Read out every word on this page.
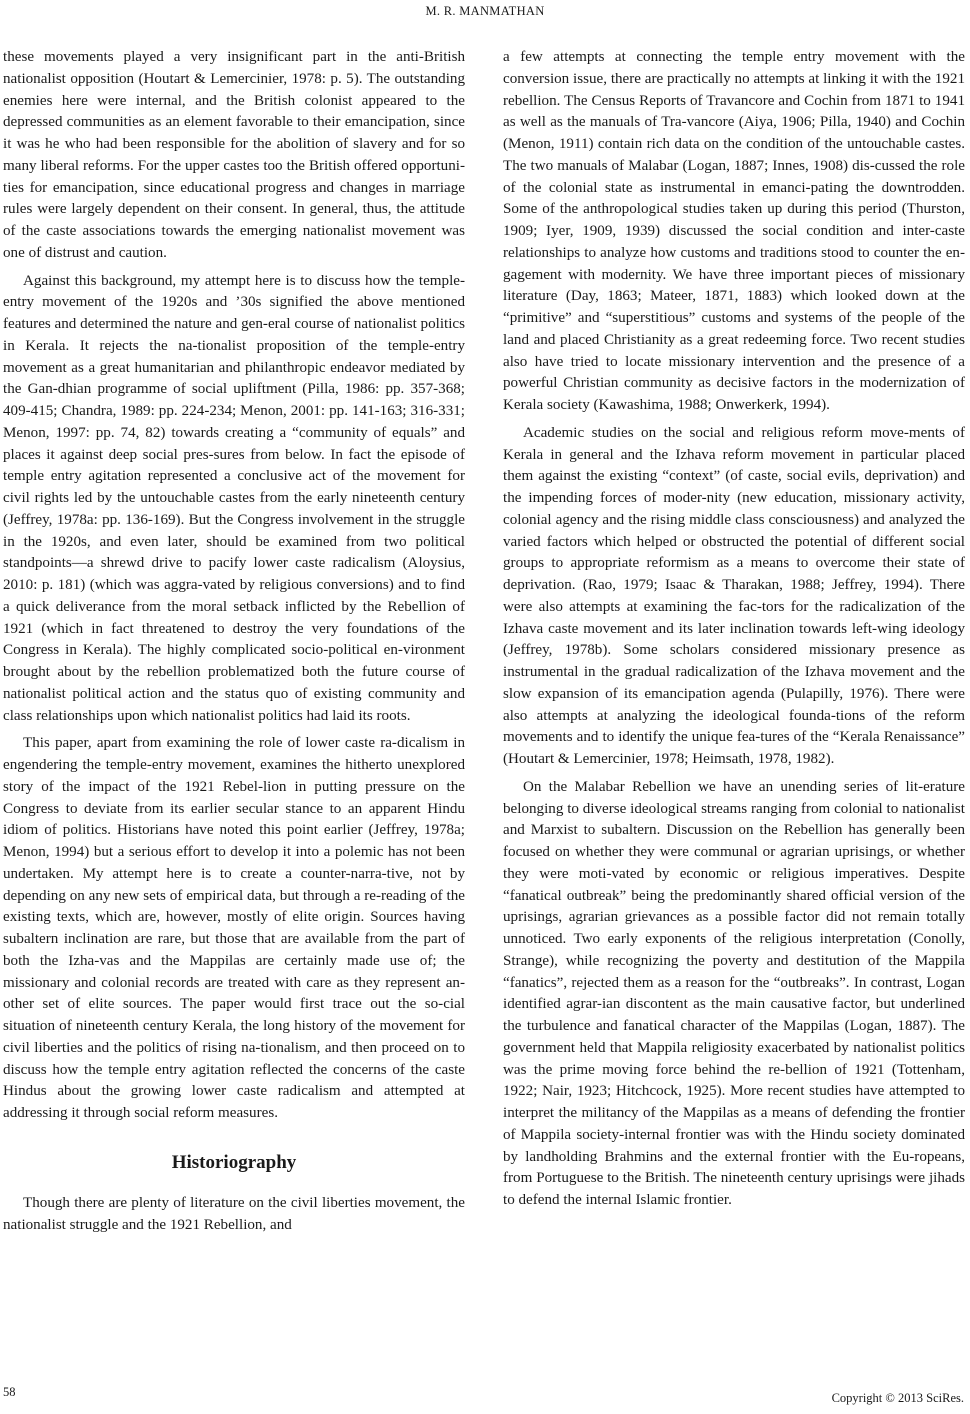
M. R. MANMATHAN

these movements played a very insignificant part in the anti-British nationalist opposition (Houtart & Lemercinier, 1978: p. 5). The outstanding enemies here were internal, and the British colonist appeared to the depressed communities as an element favorable to their emancipation, since it was he who had been responsible for the abolition of slavery and for so many liberal reforms. For the upper castes too the British offered opportuni-ties for emancipation, since educational progress and changes in marriage rules were largely dependent on their consent. In general, thus, the attitude of the caste associations towards the emerging nationalist movement was one of distrust and caution.

Against this background, my attempt here is to discuss how the temple-entry movement of the 1920s and ’30s signified the above mentioned features and determined the nature and gen-eral course of nationalist politics in Kerala. It rejects the na-tionalist proposition of the temple-entry movement as a great humanitarian and philanthropic endeavor mediated by the Gan-dhian programme of social upliftment (Pilla, 1986: pp. 357-368; 409-415; Chandra, 1989: pp. 224-234; Menon, 2001: pp. 141-163; 316-331; Menon, 1997: pp. 74, 82) towards creating a “community of equals” and places it against deep social pres-sures from below. In fact the episode of temple entry agitation represented a conclusive act of the movement for civil rights led by the untouchable castes from the early nineteenth century (Jeffrey, 1978a: pp. 136-169). But the Congress involvement in the struggle in the 1920s, and even later, should be examined from two political standpoints—a shrewd drive to pacify lower caste radicalism (Aloysius, 2010: p. 181) (which was aggra-vated by religious conversions) and to find a quick deliverance from the moral setback inflicted by the Rebellion of 1921 (which in fact threatened to destroy the very foundations of the Congress in Kerala). The highly complicated socio-political en-vironment brought about by the rebellion problematized both the future course of nationalist political action and the status quo of existing community and class relationships upon which nationalist politics had laid its roots.

This paper, apart from examining the role of lower caste ra-dicalism in engendering the temple-entry movement, examines the hitherto unexplored story of the impact of the 1921 Rebel-lion in putting pressure on the Congress to deviate from its earlier secular stance to an apparent Hindu idiom of politics. Historians have noted this point earlier (Jeffrey, 1978a; Menon, 1994) but a serious effort to develop it into a polemic has not been undertaken. My attempt here is to create a counter-narra-tive, not by depending on any new sets of empirical data, but through a re-reading of the existing texts, which are, however, mostly of elite origin. Sources having subaltern inclination are rare, but those that are available from the part of both the Izha-vas and the Mappilas are certainly made use of; the missionary and colonial records are treated with care as they represent an-other set of elite sources. The paper would first trace out the so-cial situation of nineteenth century Kerala, the long history of the movement for civil liberties and the politics of rising na-tionalism, and then proceed on to discuss how the temple entry agitation reflected the concerns of the caste Hindus about the growing lower caste radicalism and attempted at addressing it through social reform measures.

Historiography

Though there are plenty of literature on the civil liberties movement, the nationalist struggle and the 1921 Rebellion, and

a few attempts at connecting the temple entry movement with the conversion issue, there are practically no attempts at linking it with the 1921 rebellion. The Census Reports of Travancore and Cochin from 1871 to 1941 as well as the manuals of Tra-vancore (Aiya, 1906; Pilla, 1940) and Cochin (Menon, 1911) contain rich data on the condition of the untouchable castes. The two manuals of Malabar (Logan, 1887; Innes, 1908) dis-cussed the role of the colonial state as instrumental in emanci-pating the downtrodden. Some of the anthropological studies taken up during this period (Thurston, 1909; Iyer, 1909, 1939) discussed the social condition and inter-caste relationships to analyze how customs and traditions stood to counter the en-gagement with modernity. We have three important pieces of missionary literature (Day, 1863; Mateer, 1871, 1883) which looked down at the “primitive” and “superstitious” customs and systems of the people of the land and placed Christianity as a great redeeming force. Two recent studies also have tried to locate missionary intervention and the presence of a powerful Christian community as decisive factors in the modernization of Kerala society (Kawashima, 1988; Onwerkerk, 1994).

Academic studies on the social and religious reform move-ments of Kerala in general and the Izhava reform movement in particular placed them against the existing “context” (of caste, social evils, deprivation) and the impending forces of moder-nity (new education, missionary activity, colonial agency and the rising middle class consciousness) and analyzed the varied factors which helped or obstructed the potential of different social groups to appropriate reformism as a means to overcome their state of deprivation. (Rao, 1979; Isaac & Tharakan, 1988; Jeffrey, 1994). There were also attempts at examining the fac-tors for the radicalization of the Izhava caste movement and its later inclination towards left-wing ideology (Jeffrey, 1978b). Some scholars considered missionary presence as instrumental in the gradual radicalization of the Izhava movement and the slow expansion of its emancipation agenda (Pulapilly, 1976). There were also attempts at analyzing the ideological founda-tions of the reform movements and to identify the unique fea-tures of the “Kerala Renaissance” (Houtart & Lemercinier, 1978; Heimsath, 1978, 1982).

On the Malabar Rebellion we have an unending series of lit-erature belonging to diverse ideological streams ranging from colonial to nationalist and Marxist to subaltern. Discussion on the Rebellion has generally been focused on whether they were communal or agrarian uprisings, or whether they were moti-vated by economic or religious imperatives. Despite “fanatical outbreak” being the predominantly shared official version of the uprisings, agrarian grievances as a possible factor did not remain totally unnoticed. Two early exponents of the religious interpretation (Conolly, Strange), while recognizing the poverty and destitution of the Mappila “fanatics”, rejected them as a reason for the “outbreaks”. In contrast, Logan identified agrar-ian discontent as the main causative factor, but underlined the turbulence and fanatical character of the Mappilas (Logan, 1887). The government held that Mappila religiosity exacerbated by nationalist politics was the prime moving force behind the re-bellion of 1921 (Tottenham, 1922; Nair, 1923; Hitchcock, 1925). More recent studies have attempted to interpret the militancy of the Mappilas as a means of defending the frontier of Mappila society-internal frontier was with the Hindu society dominated by landholding Brahmins and the external frontier with the Eu-ropeans, from Portuguese to the British. The nineteenth century uprisings were jihads to defend the internal Islamic frontier.

58	Copyright © 2013 SciRes.
